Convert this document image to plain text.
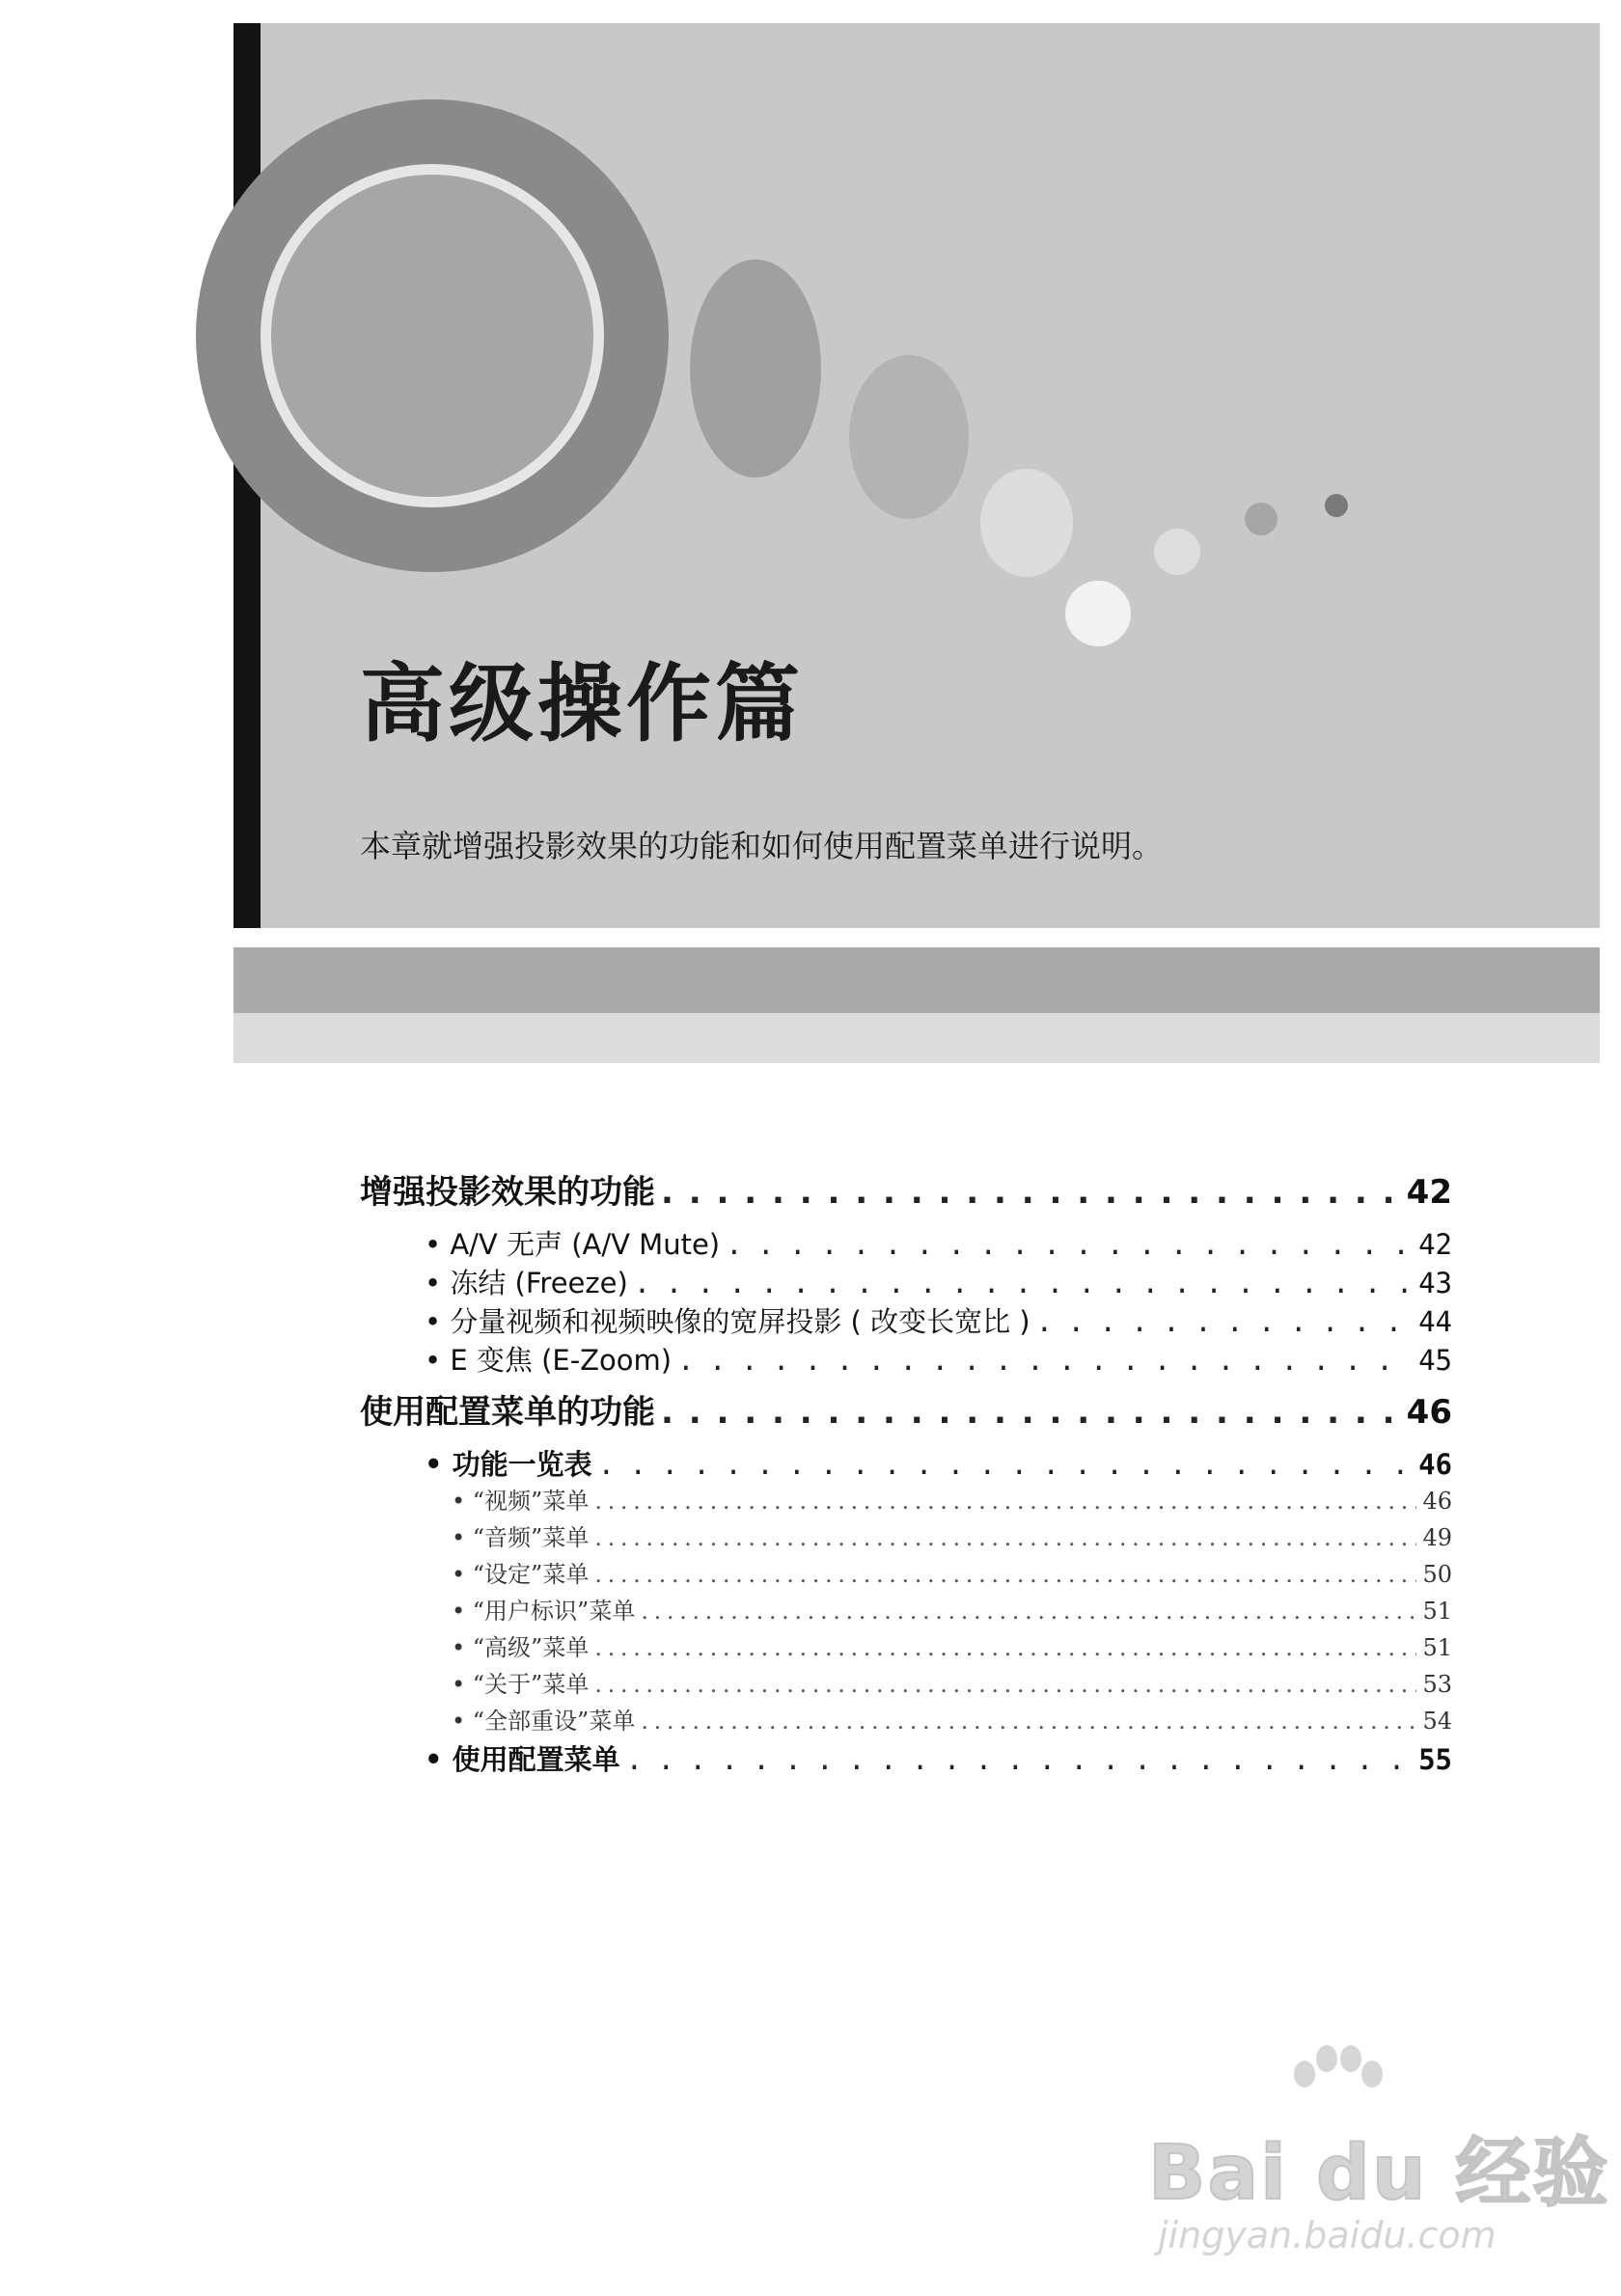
高级操作篇
本章就增强投影效果的功能和如何使用配置菜单进行说明。
增强投影效果的功能 . . .	42
• A/V 无声 (A/V Mute) . . .	42
• 冻结 (Freeze) . . .	43
• 分量视频和视频映像的宽屏投影 ( 改变长宽比 ) . . .	44
• E 变焦 (E-Zoom) . . .	45
使用配置菜单的功能 . . .	46
• 功能一览表 . . .	46
• “视频”菜单 . . .	46
• “音频”菜单 . . .	49
• “设定”菜单 . . .	50
• “用户标识”菜单 . . .	51
• “高级”菜单 . . .	51
• “关于”菜单 . . .	53
• “全部重设”菜单 . . .	54
• 使用配置菜单 . . .	55
Bai du 经验
jingyan.baidu.com
